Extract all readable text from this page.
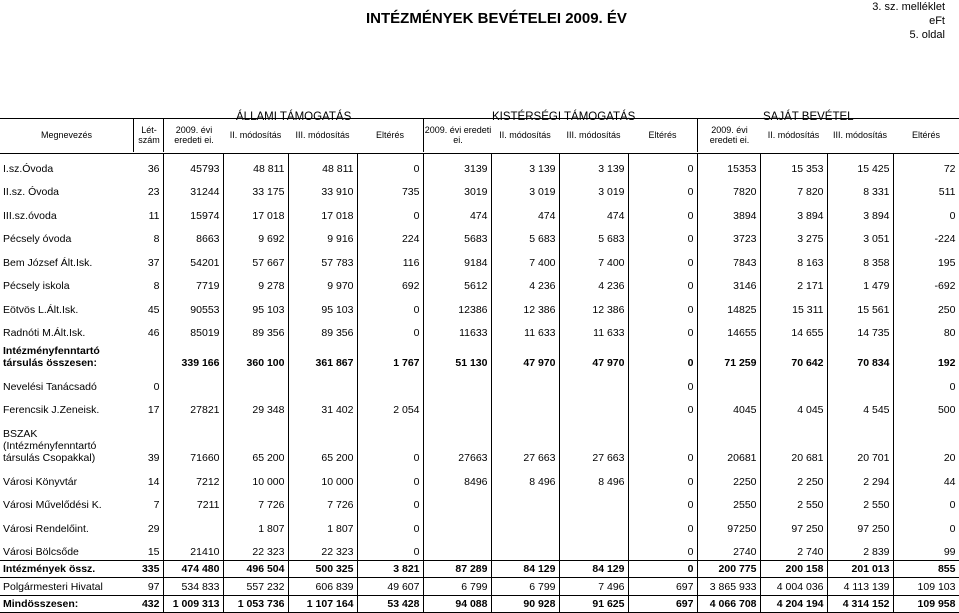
INTÉZMÉNYEK BEVÉTELEI 2009. ÉV
3. sz. melléklet
eFt
5. oldal
ÁLLAMI TÁMOGATÁS	KISTÉRSÉGI TÁMOGATÁS	SAJÁT BEVÉTEL
Megnevezés	Lét- szám
2009. évi eredeti ei.	II. módosítás	III. módosítás	Eltérés	2009. évi eredeti ei.	II. módosítás	III. módosítás	Eltérés	2009. évi eredeti ei.	II. módosítás	III. módosítás	Eltérés
I.sz.Óvoda	36	45793	48 811	48 811	0	3139	3 139	3 139	0	15353	15 353	15 425	72
II.sz. Óvoda	23	31244	33 175	33 910	735	3019	3 019	3 019	0	7820	7 820	8 331	511
III.sz.óvoda	11	15974	17 018	17 018	0	474	474	474	0	3894	3 894	3 894	0
Pécsely óvoda	8	8663	9 692	9 916	224	5683	5 683	5 683	0	3723	3 275	3 051	-224
Bem József Ált.Isk.	37	54201	57 667	57 783	116	9184	7 400	7 400	0	7843	8 163	8 358	195
Pécsely iskola	8	7719	9 278	9 970	692	5612	4 236	4 236	0	3146	2 171	1 479	-692
Eötvös L.Ált.Isk.	45	90553	95 103	95 103	0	12386	12 386	12 386	0	14825	15 311	15 561	250
Radnóti M.Ált.Isk.	46	85019	89 356	89 356	0	11633	11 633	11 633	0	14655	14 655	14 735	80
Intézményfenntartó társulás összesen:		339 166	360 100	361 867	1 767	51 130	47 970	47 970	0	71 259	70 642	70 834	192
Nevelési Tanácsadó	0								0				0
Ferencsik J.Zeneisk.	17	27821	29 348	31 402	2 054				0	4045	4 045	4 545	500
BSZAK (Intézményfenntartó társulás Csopakkal)	39	71660	65 200	65 200	0	27663	27 663	27 663	0	20681	20 681	20 701	20
Városi Könyvtár	14	7212	10 000	10 000	0	8496	8 496	8 496	0	2250	2 250	2 294	44
Városi Művelődési K.	7	7211	7 726	7 726	0				0	2550	2 550	2 550	0
Városi Rendelőint.	29		1 807	1 807	0				0	97250	97 250	97 250	0
Városi Bölcsőde	15	21410	22 323	22 323	0				0	2740	2 740	2 839	99
Intézmények össz.	335	474 480	496 504	500 325	3 821	87 289	84 129	84 129	0	200 775	200 158	201 013	855
Polgármesteri Hivatal	97	534 833	557 232	606 839	49 607	6 799	6 799	7 496	697	3 865 933	4 004 036	4 113 139	109 103
Mindösszesen:	432	1 009 313	1 053 736	1 107 164	53 428	94 088	90 928	91 625	697	4 066 708	4 204 194	4 314 152	109 958
